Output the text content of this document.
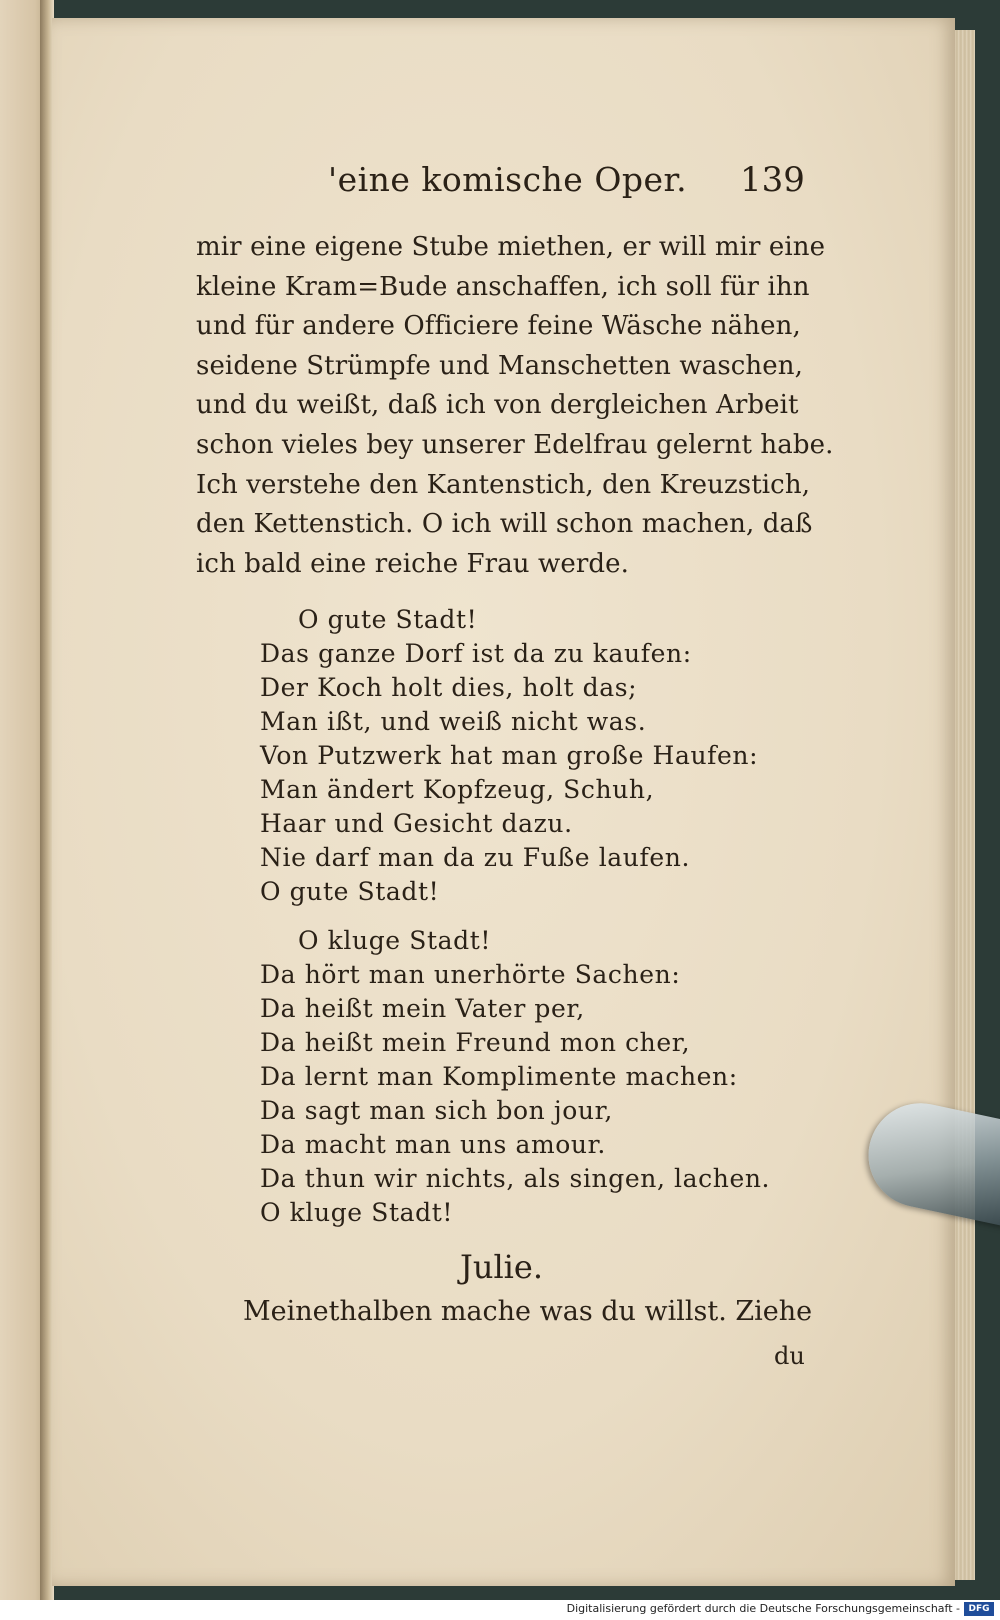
'eine komische Oper. 139
mir eine eigene Stube miethen, er will mir eine
kleine Kram=Bude anschaffen, ich soll für ihn
und für andere Officiere feine Wäsche nähen,
seidene Strümpfe und Manschetten waschen,
und du weißt, daß ich von dergleichen Arbeit
schon vieles bey unserer Edelfrau gelernt habe.
Ich verstehe den Kantenstich, den Kreuzstich,
den Kettenstich. O ich will schon machen, daß
ich bald eine reiche Frau werde.
O gute Stadt!
Das ganze Dorf ist da zu kaufen:
Der Koch holt dies, holt das;
Man ißt, und weiß nicht was.
Von Putzwerk hat man große Haufen:
Man ändert Kopfzeug, Schuh,
Haar und Gesicht dazu.
Nie darf man da zu Fuße laufen.
O gute Stadt!
O kluge Stadt!
Da hört man unerhörte Sachen:
Da heißt mein Vater per,
Da heißt mein Freund mon cher,
Da lernt man Komplimente machen:
Da sagt man sich bon jour,
Da macht man uns amour.
Da thun wir nichts, als singen, lachen.
O kluge Stadt!
Julie.
Meinethalben mache was du willst. Ziehe
du
Digitalisierung gefördert durch die Deutsche Forschungsgemeinschaft - DFG
